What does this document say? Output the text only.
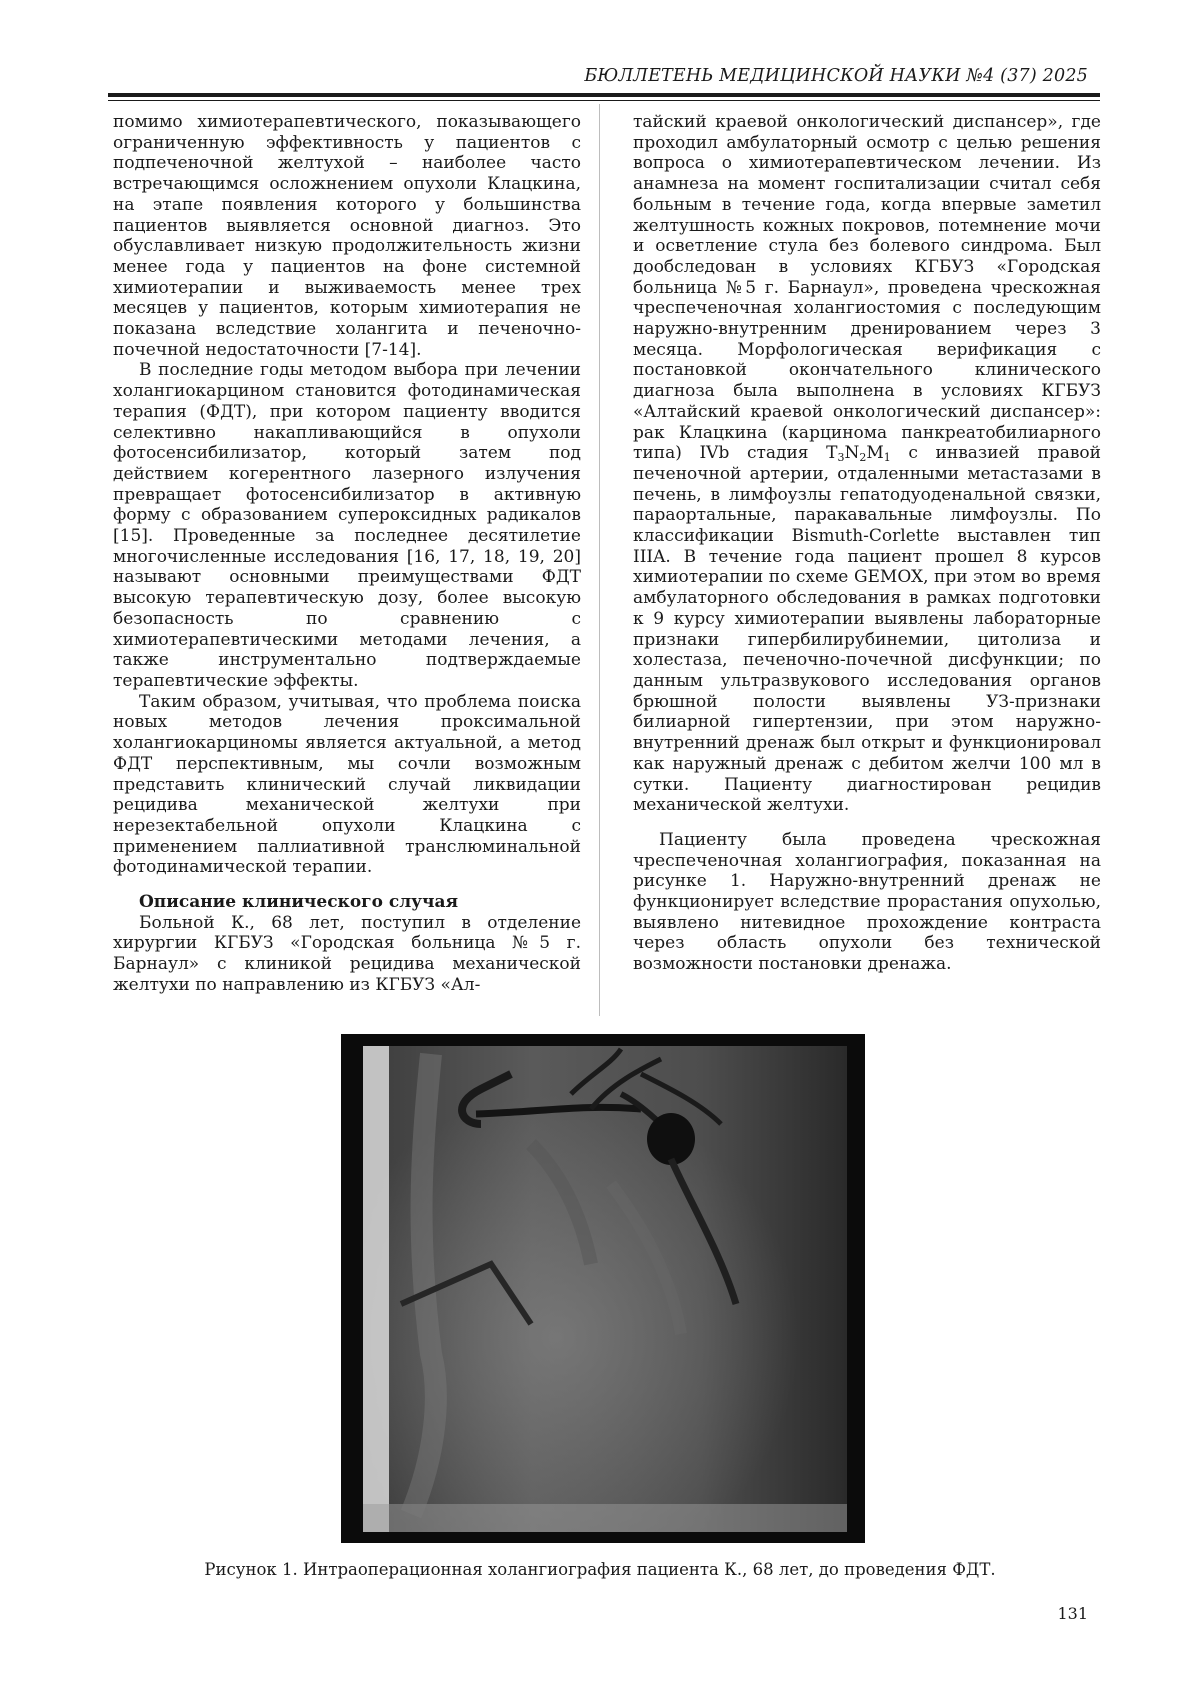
БЮЛЛЕТЕНЬ МЕДИЦИНСКОЙ НАУКИ №4 (37) 2025

помимо химиотерапевтического, показывающего ограниченную эффективность у пациентов с подпеченочной желтухой – наиболее часто встречающимся осложнением опухоли Клацкина, на этапе появления которого у большинства пациентов выявляется основной диагноз. Это обуславливает низкую продолжительность жизни менее года у пациентов на фоне системной химиотерапии и выживаемость менее трех месяцев у пациентов, которым химиотерапия не показана вследствие холангита и печеночно-почечной недостаточности [7-14].

В последние годы методом выбора при лечении холангиокарцином становится фотодинамическая терапия (ФДТ), при котором пациенту вводится селективно накапливающийся в опухоли фотосенсибилизатор, который затем под действием когерентного лазерного излучения превращает фотосенсибилизатор в активную форму с образованием супероксидных радикалов [15]. Проведенные за последнее десятилетие многочисленные исследования [16, 17, 18, 19, 20] называют основными преимуществами ФДТ высокую терапевтическую дозу, более высокую безопасность по сравнению с химиотерапевтическими методами лечения, а также инструментально подтверждаемые терапевтические эффекты.

Таким образом, учитывая, что проблема поиска новых методов лечения проксимальной холангиокарциномы является актуальной, а метод ФДТ перспективным, мы сочли возможным представить клинический случай ликвидации рецидива механической желтухи при нерезектабельной опухоли Клацкина с применением паллиативной транслюминальной фотодинамической терапии.

Описание клинического случая

Больной К., 68 лет, поступил в отделение хирургии КГБУЗ «Городская больница №5 г. Барнаул» с клиникой рецидива механической желтухи по направлению из КГБУЗ «Ал-

тайский краевой онкологический диспансер», где проходил амбулаторный осмотр с целью решения вопроса о химиотерапевтическом лечении. Из анамнеза на момент госпитализации считал себя больным в течение года, когда впервые заметил желтушность кожных покровов, потемнение мочи и осветление стула без болевого синдрома. Был дообследован в условиях КГБУЗ «Городская больница №5 г. Барнаул», проведена чрескожная чреспеченочная холангиостомия с последующим наружно-внутренним дренированием через 3 месяца. Морфологическая верификация с постановкой окончательного клинического диагноза была выполнена в условиях КГБУЗ «Алтайский краевой онкологический диспансер»: рак Клацкина (карцинома панкреатобилиарного типа) IVb стадия $T_3N_2M_1$ с инвазией правой печеночной артерии, отдаленными метастазами в печень, в лимфоузлы гепатодуоденальной связки, параортальные, паракавальные лимфоузлы. По классификации Bismuth-Corlette выставлен тип IIIA. В течение года пациент прошел 8 курсов химиотерапии по схеме GEMOX, при этом во время амбулаторного обследования в рамках подготовки к 9 курсу химиотерапии выявлены лабораторные признаки гипербилирубинемии, цитолиза и холестаза, печеночно-почечной дисфункции; по данным ультразвукового исследования органов брюшной полости выявлены УЗ-признаки билиарной гипертензии, при этом наружно-внутренний дренаж был открыт и функционировал как наружный дренаж с дебитом желчи 100 мл в сутки. Пациенту диагностирован рецидив механической желтухи.

Пациенту была проведена чрескожная чреспеченочная холангиография, показанная на рисунке 1. Наружно-внутренний дренаж не функционирует вследствие прорастания опухолью, выявлено нитевидное прохождение контраста через область опухоли без технической возможности постановки дренажа.

Рисунок 1. Интраоперационная холангиография пациента К., 68 лет, до проведения ФДТ.
131
